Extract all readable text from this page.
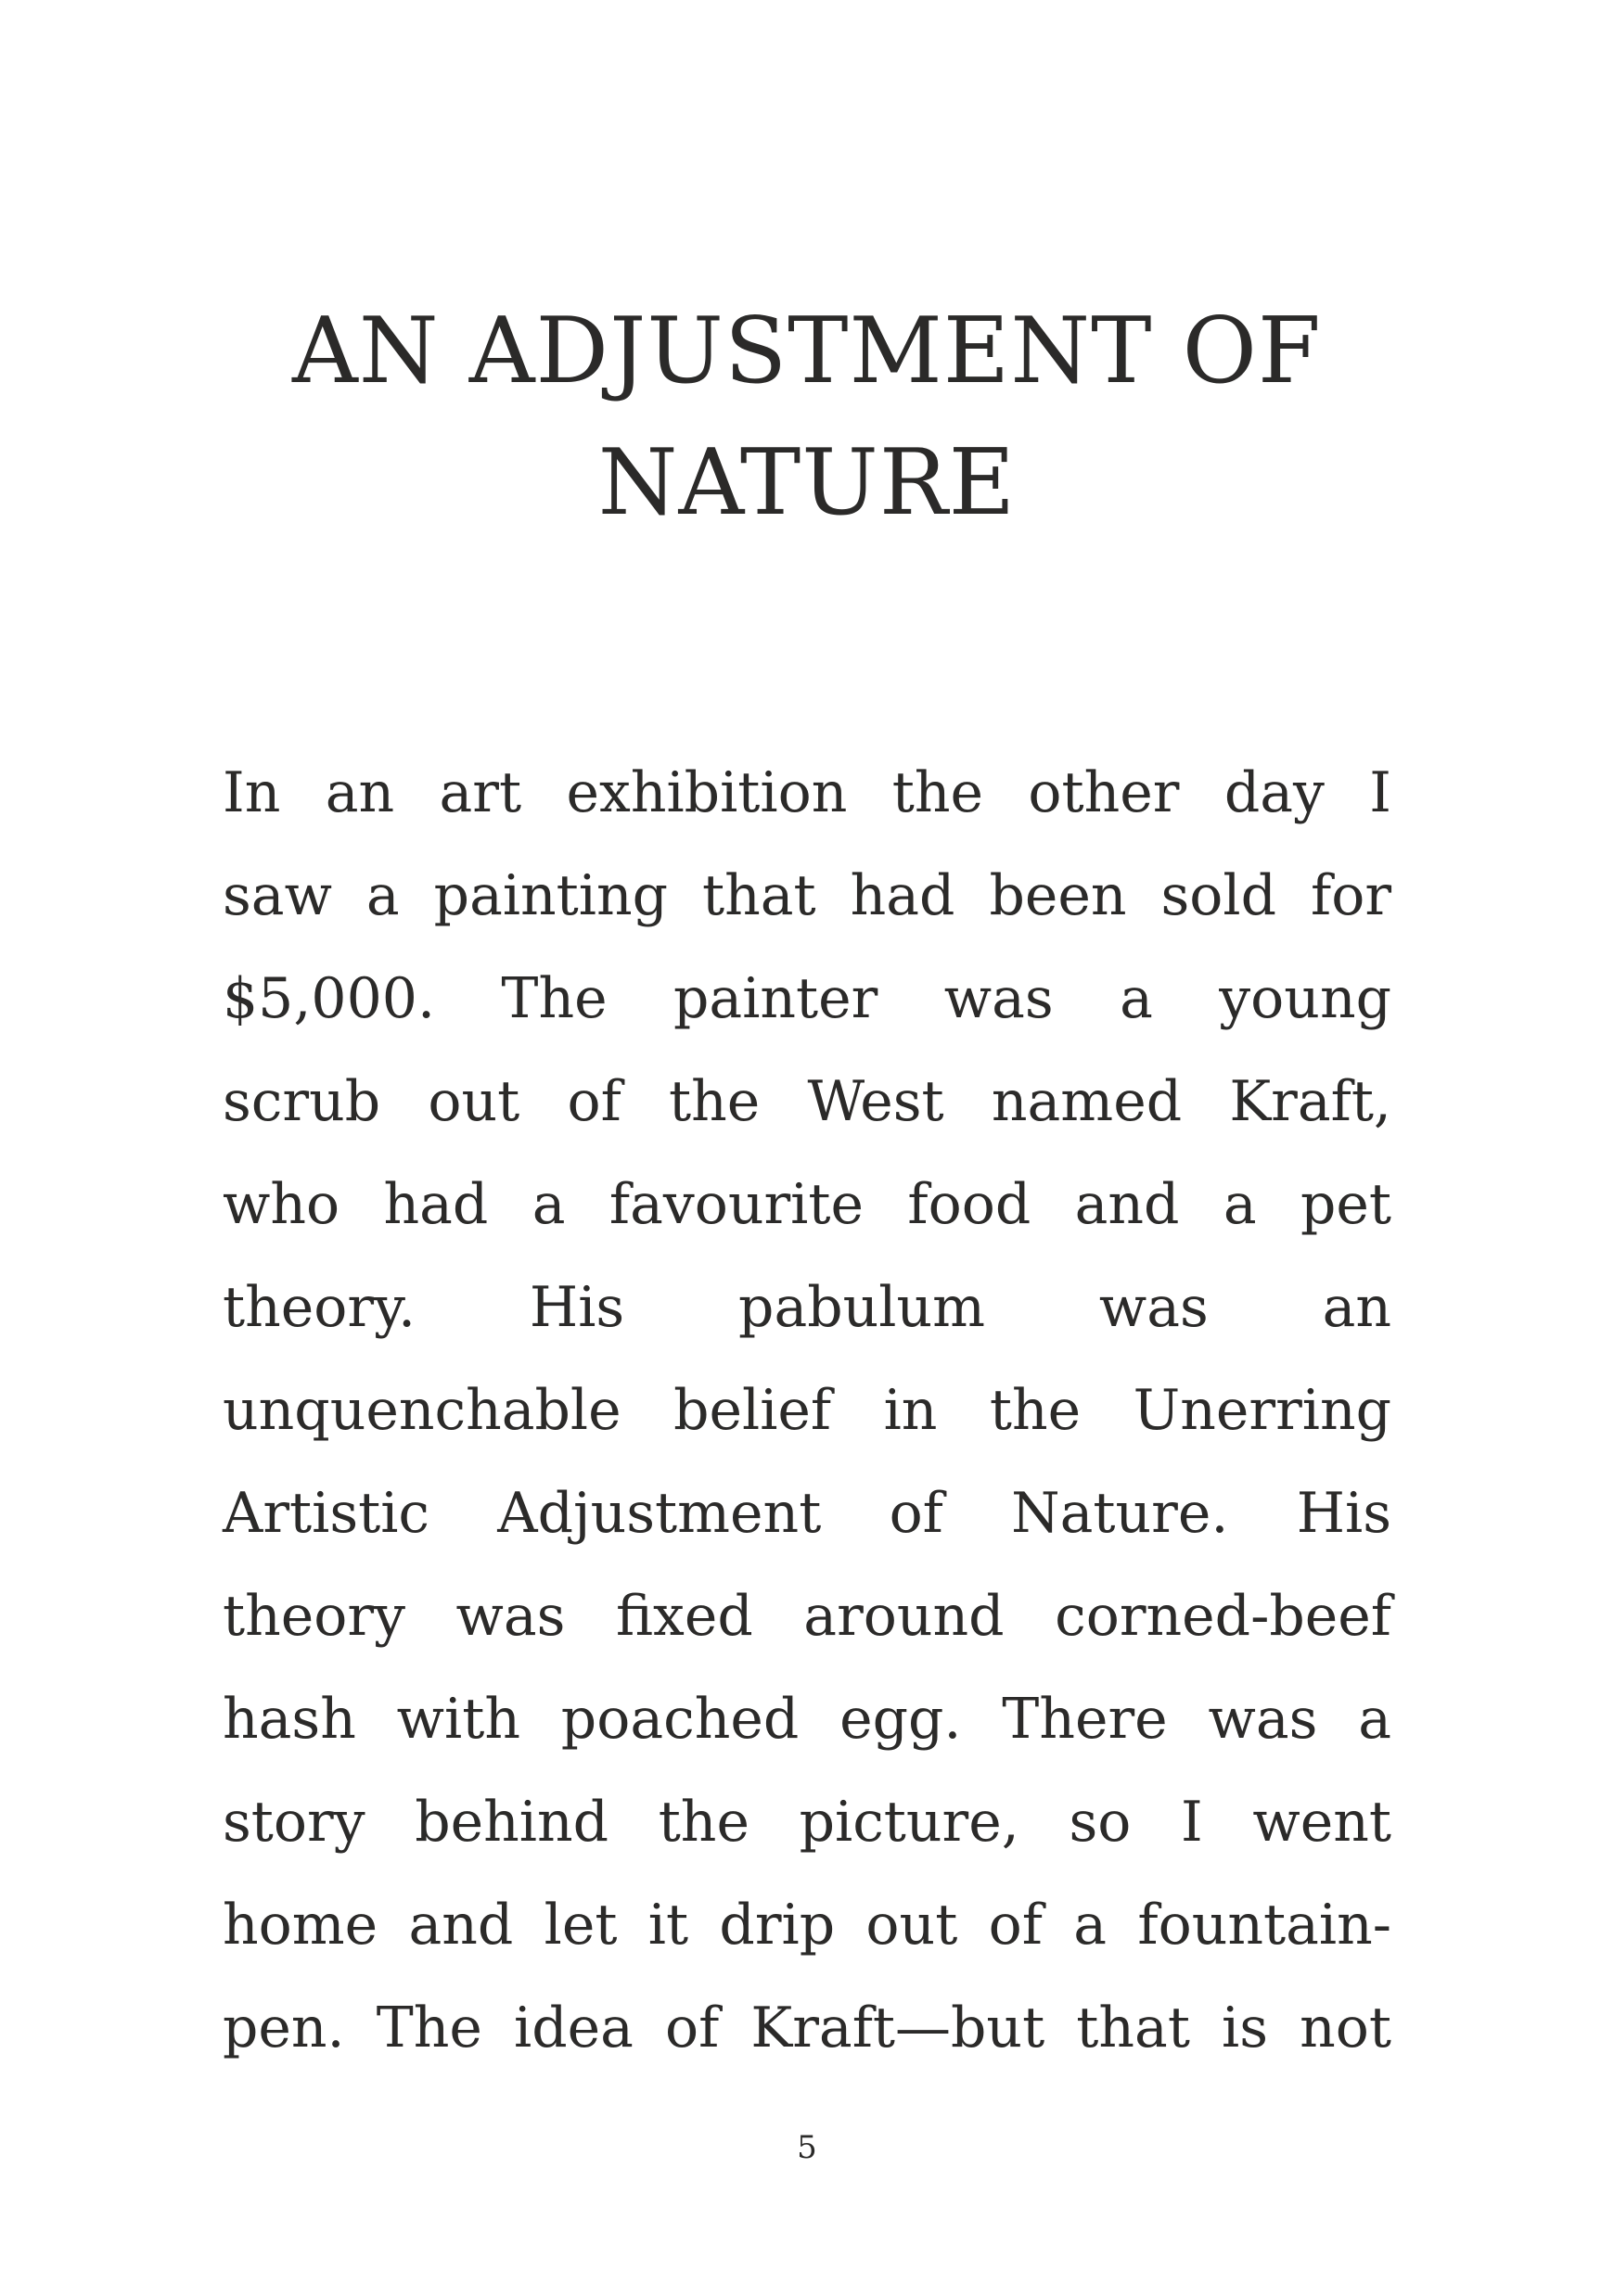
AN ADJUSTMENT OF
NATURE
In an art exhibition the other day I
saw a painting that had been sold for
$5,000. The painter was a young
scrub out of the West named Kraft,
who had a favourite food and a pet
theory. His pabulum was an
unquenchable belief in the Unerring
Artistic Adjustment of Nature. His
theory was fixed around corned-beef
hash with poached egg. There was a
story behind the picture, so I went
home and let it drip out of a fountain-
pen. The idea of Kraft—but that is not
5
